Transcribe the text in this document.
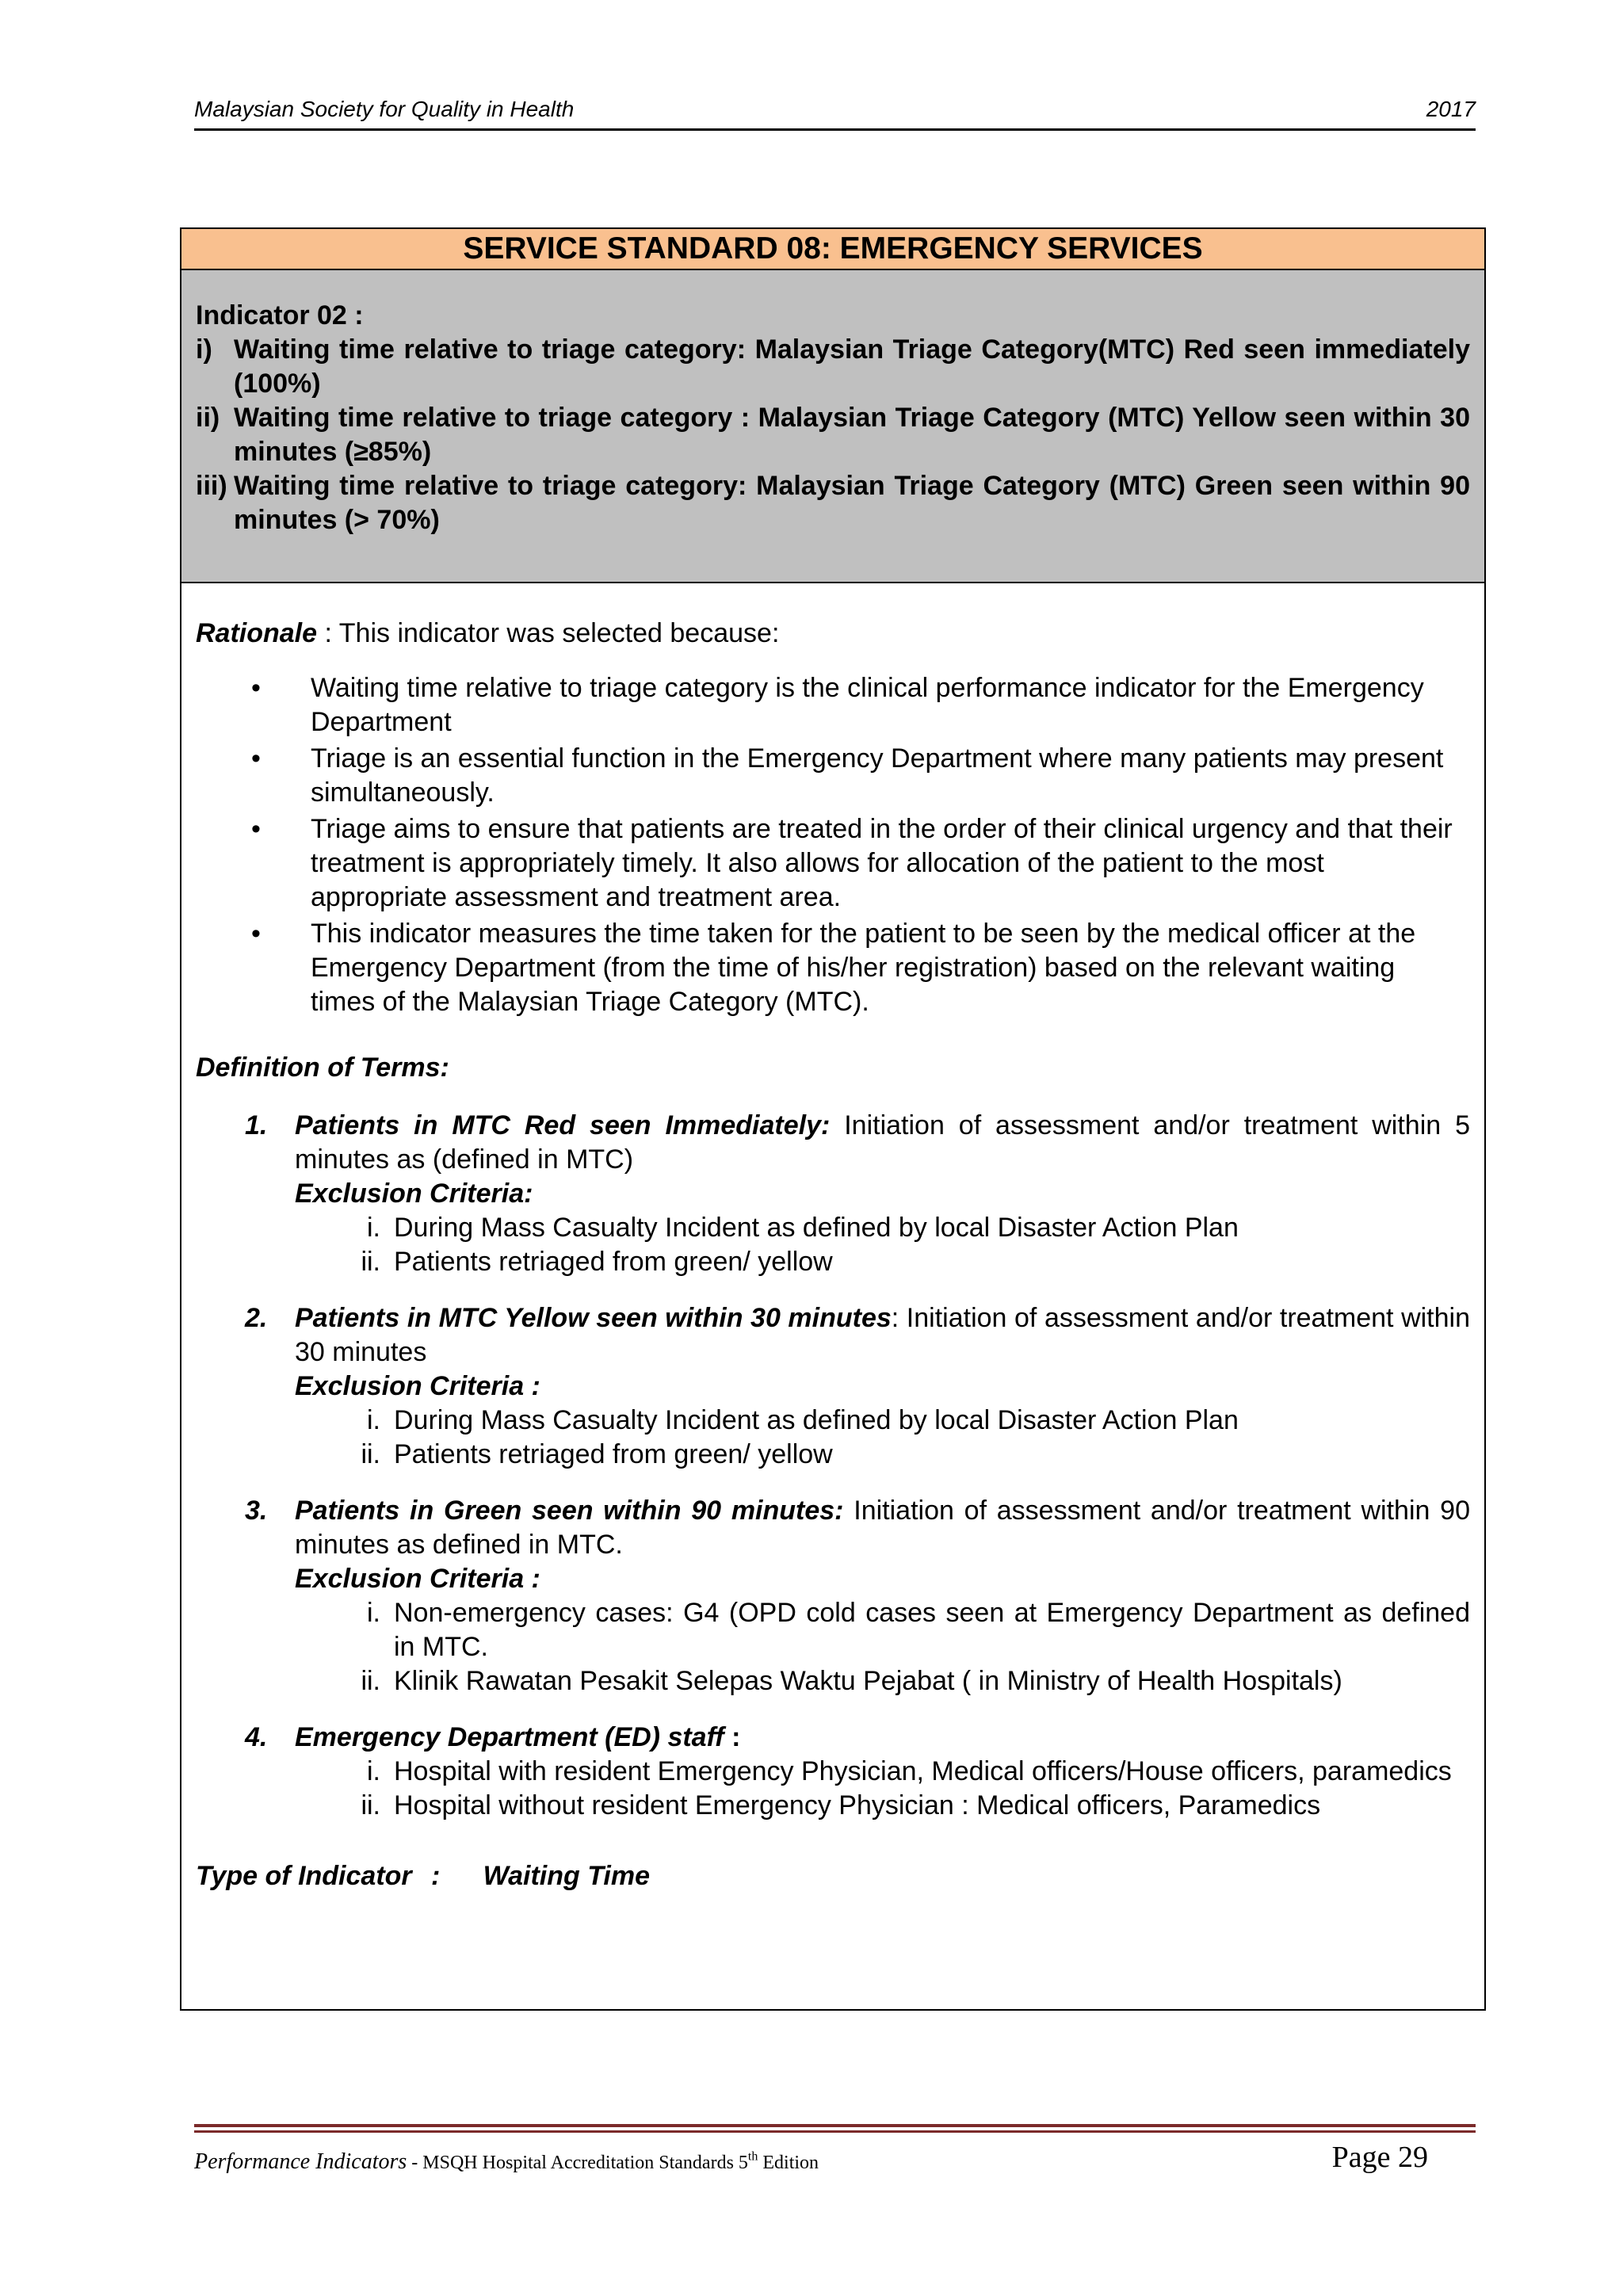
Malaysian Society for Quality in Health	2017
SERVICE STANDARD 08: EMERGENCY SERVICES
Indicator 02 :
i) Waiting time relative to triage category: Malaysian Triage Category(MTC) Red seen immediately (100%)
ii) Waiting time relative to triage category : Malaysian Triage Category (MTC) Yellow seen within 30 minutes (≥85%)
iii) Waiting time relative to triage category: Malaysian Triage Category (MTC) Green seen within 90 minutes (> 70%)
Rationale : This indicator was selected because:
• Waiting time relative to triage category is the clinical performance indicator for the Emergency Department
• Triage is an essential function in the Emergency Department where many patients may present simultaneously.
• Triage aims to ensure that patients are treated in the order of their clinical urgency and that their treatment is appropriately timely. It also allows for allocation of the patient to the most appropriate assessment and treatment area.
• This indicator measures the time taken for the patient to be seen by the medical officer at the Emergency Department (from the time of his/her registration) based on the relevant waiting times of the Malaysian Triage Category (MTC).
Definition of Terms:
1. Patients in MTC Red seen Immediately: Initiation of assessment and/or treatment within 5 minutes as (defined in MTC)
Exclusion Criteria:
i. During Mass Casualty Incident as defined by local Disaster Action Plan
ii. Patients retriaged from green/ yellow
2. Patients in MTC Yellow seen within 30 minutes: Initiation of assessment and/or treatment within 30 minutes
Exclusion Criteria :
i. During Mass Casualty Incident as defined by local Disaster Action Plan
ii. Patients retriaged from green/ yellow
3. Patients in Green seen within 90 minutes: Initiation of assessment and/or treatment within 90 minutes as defined in MTC.
Exclusion Criteria :
i. Non-emergency cases: G4 (OPD cold cases seen at Emergency Department as defined in MTC.
ii. Klinik Rawatan Pesakit Selepas Waktu Pejabat ( in Ministry of Health Hospitals)
4. Emergency Department (ED) staff :
i. Hospital with resident Emergency Physician, Medical officers/House officers, paramedics
ii. Hospital without resident Emergency Physician : Medical officers, Paramedics
Type of Indicator : Waiting Time
Performance Indicators - MSQH Hospital Accreditation Standards 5th Edition	Page 29
